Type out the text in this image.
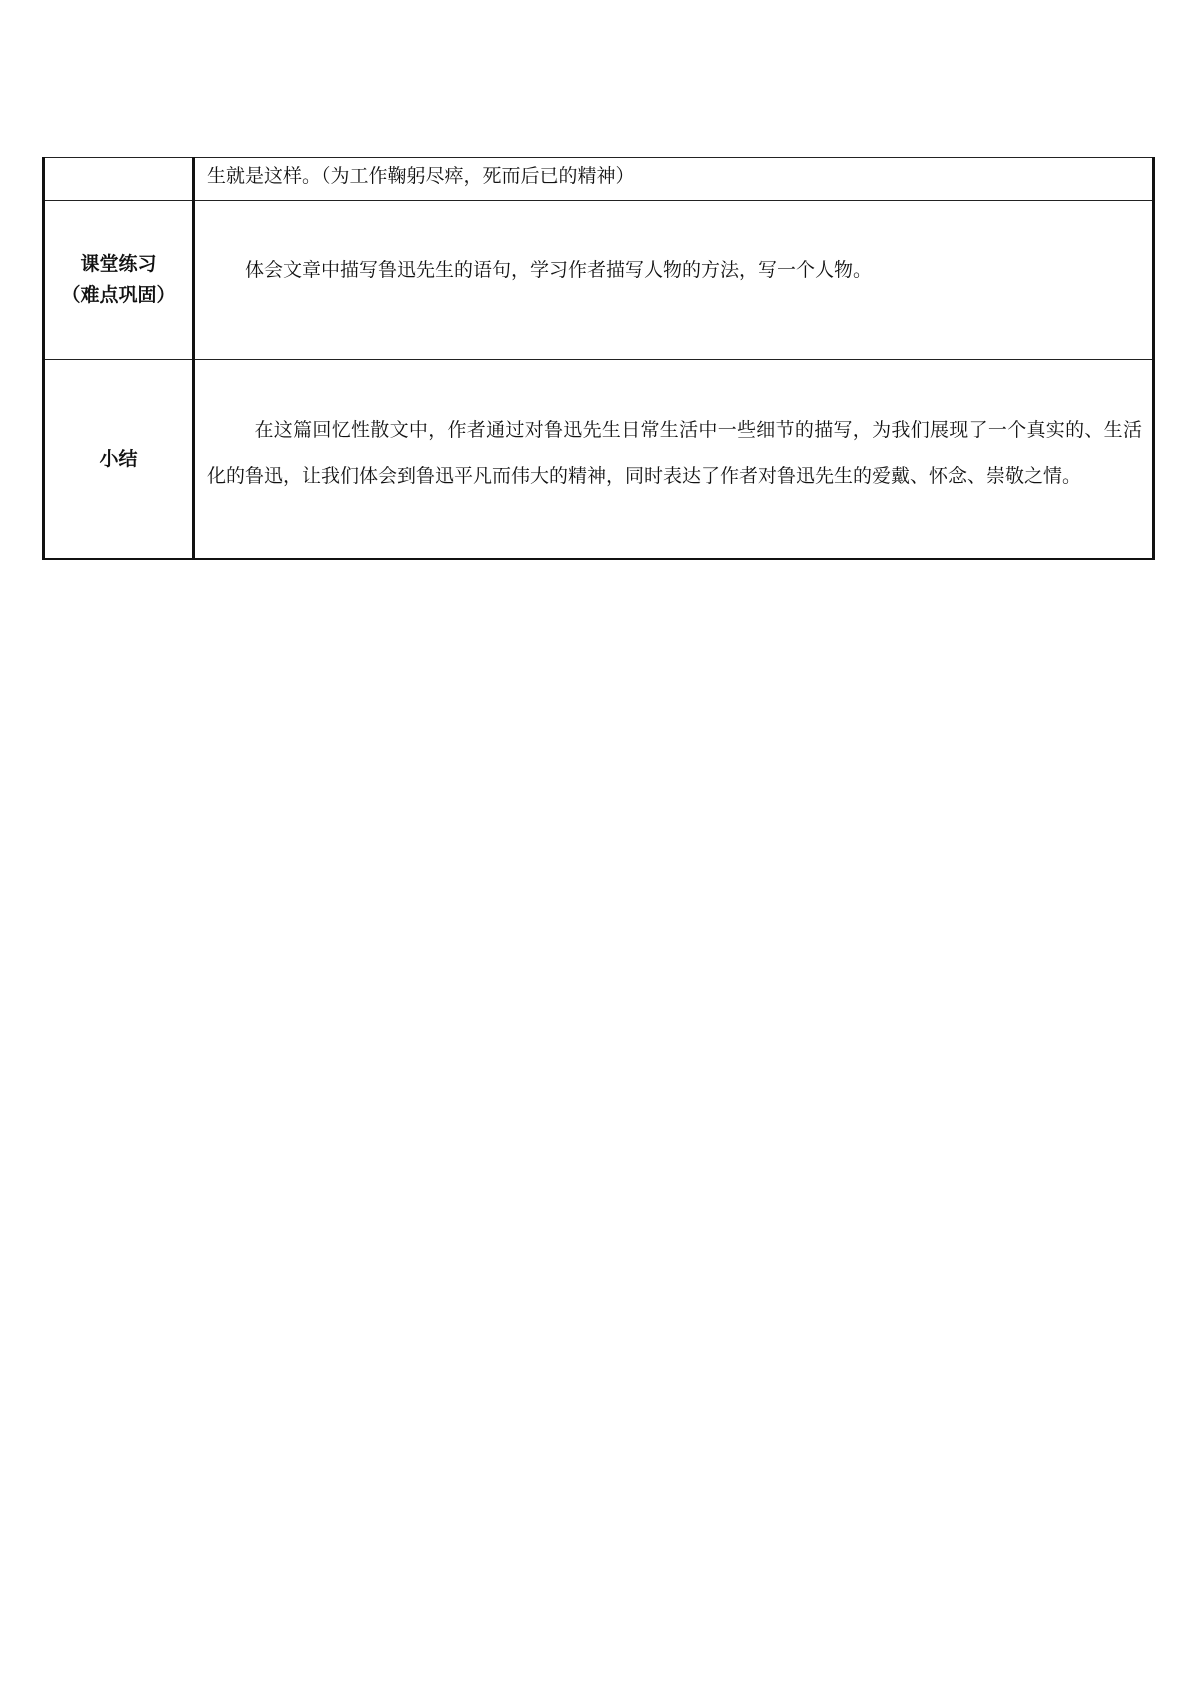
	生就是这样。（为工作鞠躬尽瘁，死而后已的精神）

课堂练习
（难点巩固）	体会文章中描写鲁迅先生的语句，学习作者描写人物的方法，写一个人物。

小结	在这篇回忆性散文中，作者通过对鲁迅先生日常生活中一些细节的描写，为我们展现了一个真实的、生活化的鲁迅，让我们体会到鲁迅平凡而伟大的精神，同时表达了作者对鲁迅先生的爱戴、怀念、崇敬之情。
